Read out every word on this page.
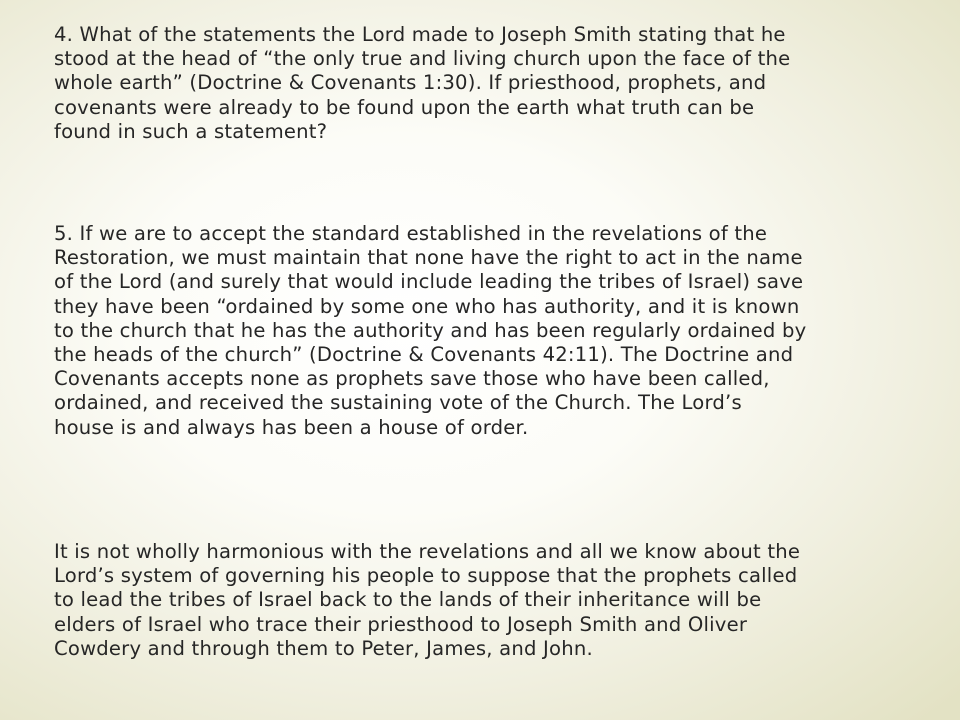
4. What of the statements the Lord made to Joseph Smith stating that he
stood at the head of “the only true and living church upon the face of the
whole earth” (Doctrine & Covenants 1:30). If priesthood, prophets, and
covenants were already to be found upon the earth what truth can be
found in such a statement?

5. If we are to accept the standard established in the revelations of the
Restoration, we must maintain that none have the right to act in the name
of the Lord (and surely that would include leading the tribes of Israel) save
they have been “ordained by some one who has authority, and it is known
to the church that he has the authority and has been regularly ordained by
the heads of the church” (Doctrine & Covenants 42:11). The Doctrine and
Covenants accepts none as prophets save those who have been called,
ordained, and received the sustaining vote of the Church. The Lord’s
house is and always has been a house of order.

It is not wholly harmonious with the revelations and all we know about the
Lord’s system of governing his people to suppose that the prophets called
to lead the tribes of Israel back to the lands of their inheritance will be
elders of Israel who trace their priesthood to Joseph Smith and Oliver
Cowdery and through them to Peter, James, and John.
